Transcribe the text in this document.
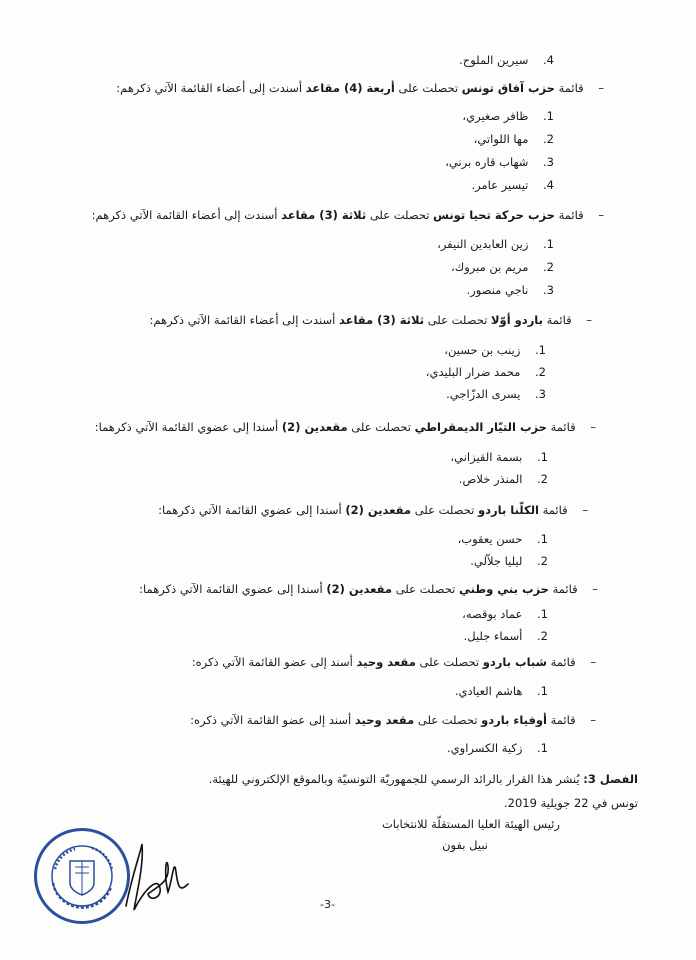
4.    سيرين الملوح.
–    قائمة حزب آفاق تونس تحصلت على أربعة (4) مقاعد أسندت إلى أعضاء القائمة الآتي ذكرهم:
1.    ظافر صغيري،
2.    مها اللواتي،
3.    شهاب قاره برني،
4.    تيسير عامر.
–    قائمة حزب حركة تحيا تونس تحصلت على ثلاثة (3) مقاعد أسندت إلى أعضاء القائمة الآتي ذكرهم:
1.    زين العابدين النيفر،
2.    مريم بن مبروك،
3.    ناجي منصور.
–    قائمة باردو أوّلا تحصلت على ثلاثة (3) مقاعد أسندت إلى أعضاء القائمة الآتي ذكرهم:
1.    زينب بن حسين،
2.    محمد ضرار البليدي،
3.    يسرى الدزّاجي.
–    قائمة حزب التيّار الديمقراطي تحصلت على مقعدين (2) أسندا إلى عضوي القائمة الآتي ذكرهما:
1.    بسمة القيزاني،
2.    المنذر خلاص.
–    قائمة الكلّنا باردو تحصلت على مقعدين (2) أسندا إلى عضوي القائمة الآتي ذكرهما:
1.    حسن يعقوب،
2.    ليليا جلاّلي.
–    قائمة حزب بني وطني تحصلت على مقعدين (2) أسندا إلى عضوي القائمة الآتي ذكرهما:
1.    عماد بوقصه،
2.    أسماء جليل.
–    قائمة شباب باردو تحصلت على مقعد وحيد أسند إلى عضو القائمة الآتي ذكره:
1.    هاشم العيادي.
–    قائمة أوفياء باردو تحصلت على مقعد وحيد أسند إلى عضو القائمة الآتي ذكره:
1.    زكية الكسراوي.
الفصل 3: يُنشر هذا القرار بالرائد الرسمي للجمهوريّة التونسيّة وبالموقع الإلكتروني للهيئة.
تونس في 22 جويلية 2019.
رئيس الهيئة العليا المستقلّة للانتخابات
نبيل بفون
-3-
